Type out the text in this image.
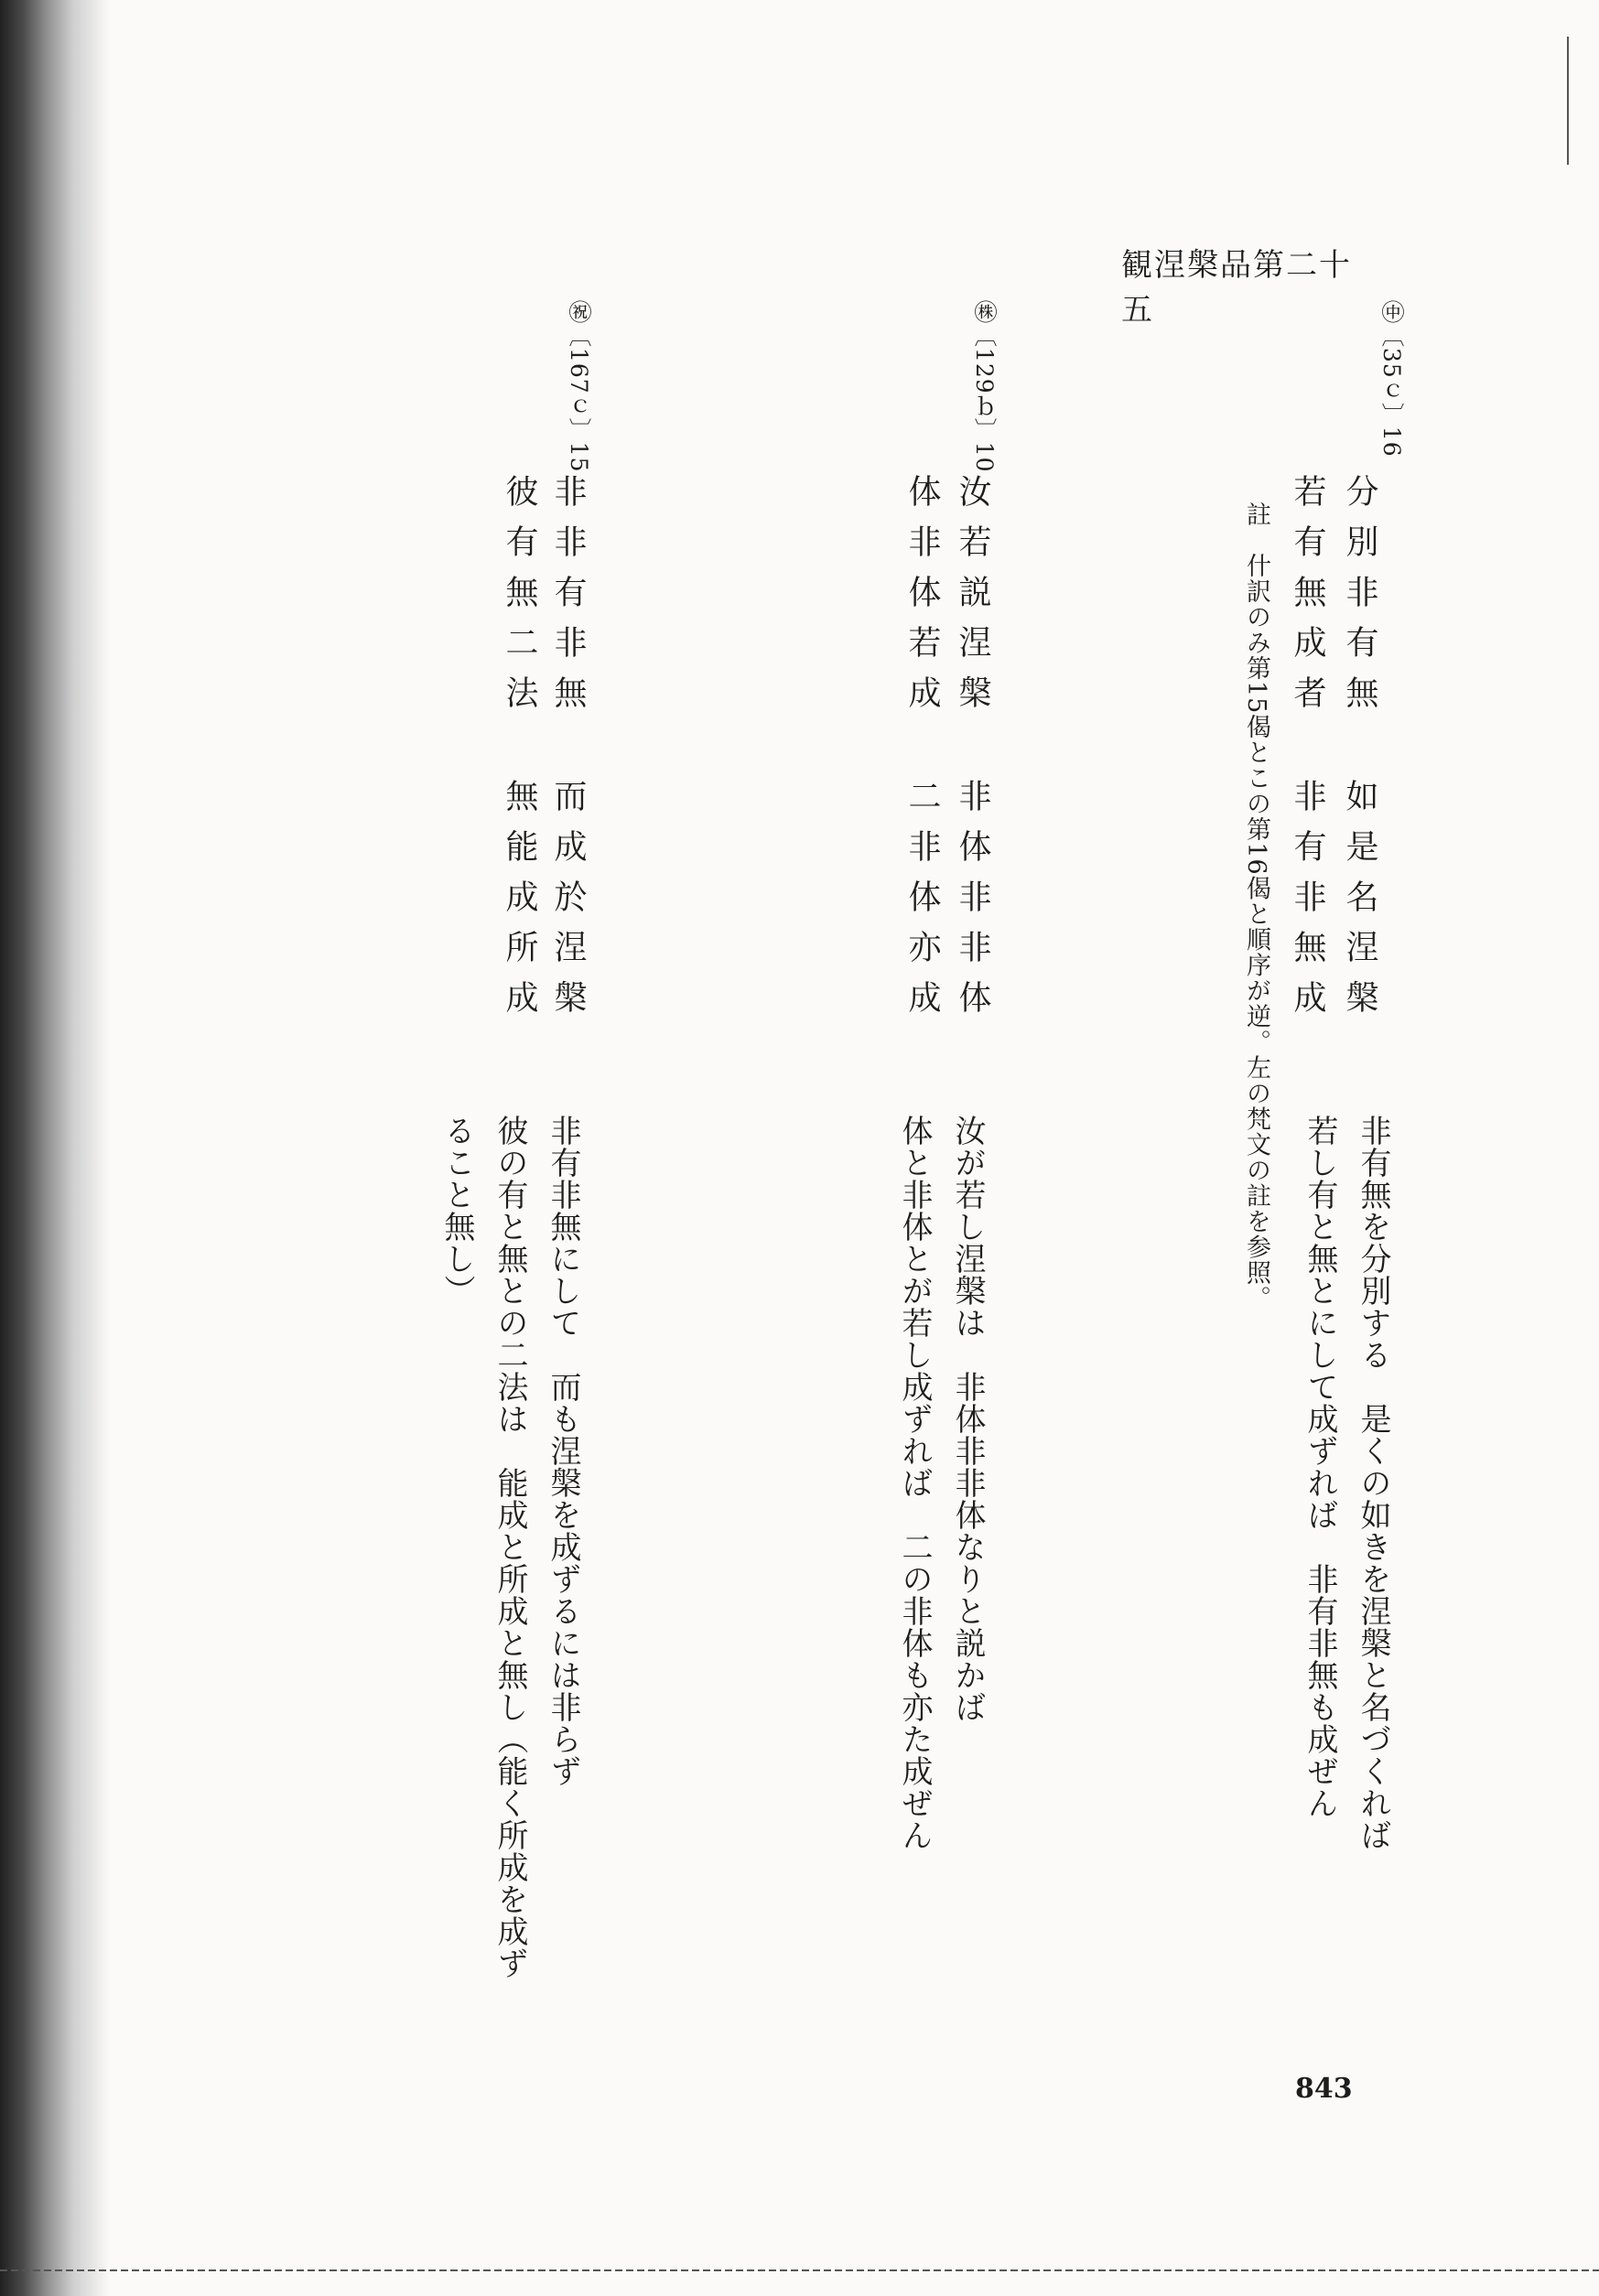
観涅槃品第二十五	㊥〔35ｃ〕16
分別非有無如是名涅槃
若有無成者非有非無成
註　什訳のみ第15偈とこの第16偈と順序が逆。左の梵文の註を参照。
非有無を分別する　是くの如きを涅槃と名づくれば
若し有と無とにして成ずれば　非有非無も成ぜん
㊑〔129ｂ〕10
汝若説涅槃非体非非体
体非体若成二非体亦成
汝が若し涅槃は　非体非非体なりと説かば
体と非体とが若し成ずれば　二の非体も亦た成ぜん
㊗〔167ｃ〕15
非非有非無而成於涅槃
彼有無二法無能成所成
非有非無にして　而も涅槃を成ずるには非らず
彼の有と無との二法は　能成と所成と無し（能く所成を成ず
ること無し）
843
